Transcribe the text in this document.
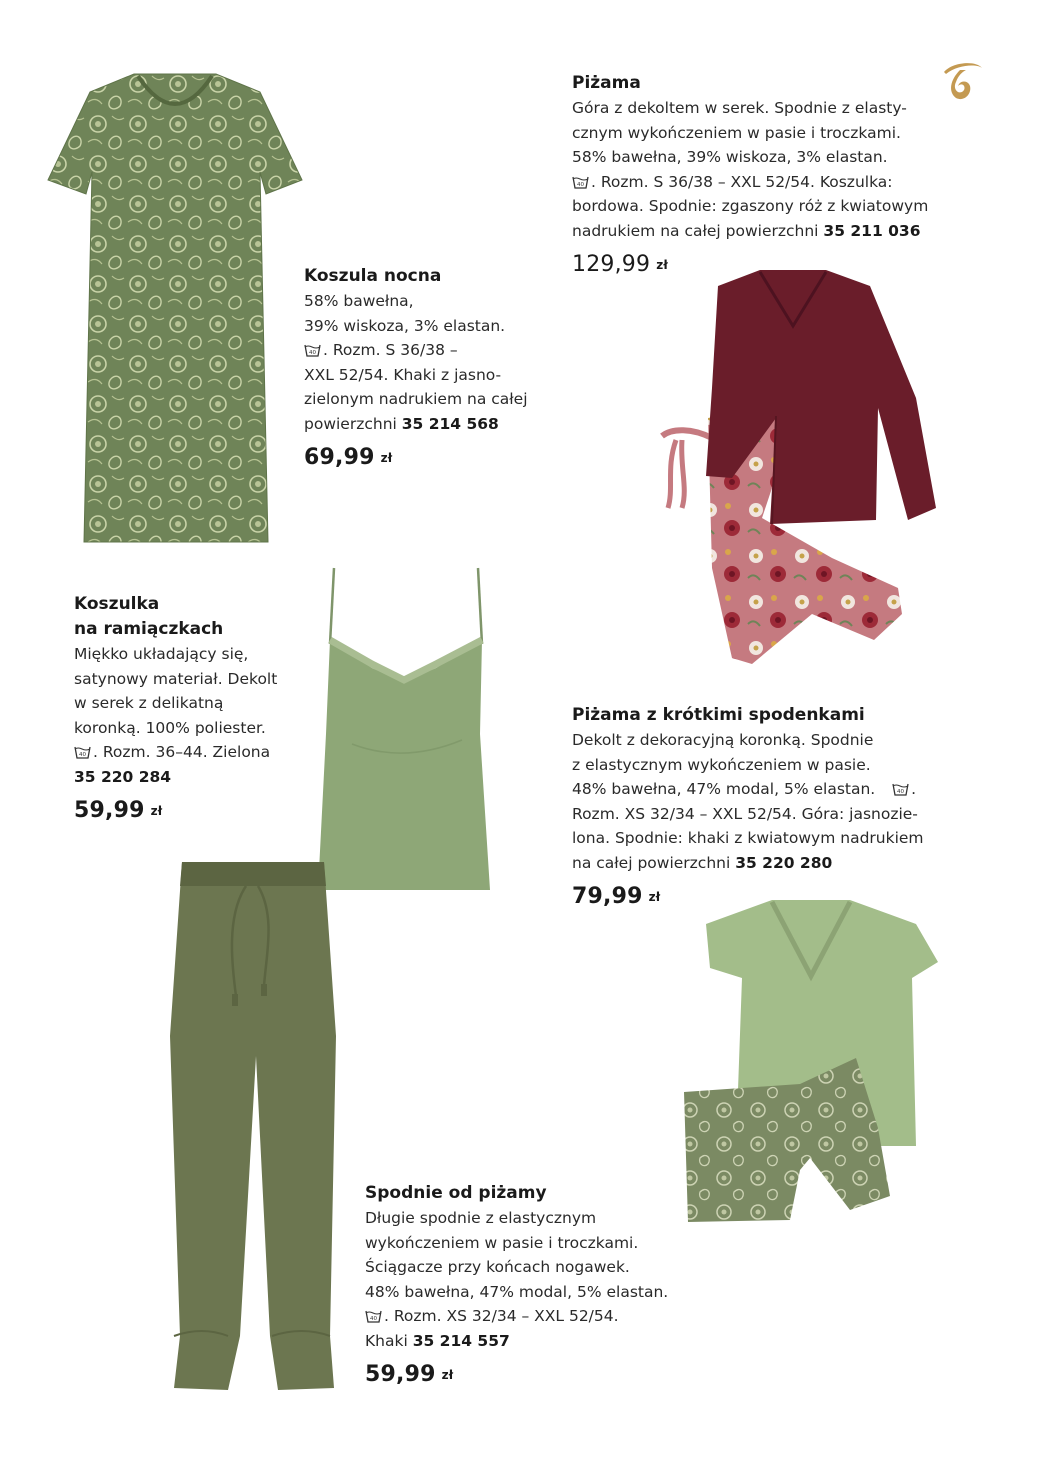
Koszula nocna
58% bawełna,
39% wiskoza, 3% elastan.
40 . Rozm. S 36/38 –
XXL 52/54. Khaki z jasno-
zielonym nadrukiem na całej
powierzchni 35 214 568
69,99 zł
Piżama
Góra z dekoltem w serek. Spodnie z elasty-
cznym wykończeniem w pasie i troczkami.
58% bawełna, 39% wiskoza, 3% elastan.
40 . Rozm. S 36/38 – XXL 52/54. Koszulka:
bordowa. Spodnie: zgaszony róż z kwiatowym
nadrukiem na całej powierzchni 35 211 036
129,99 zł
Koszulka
na ramiączkach
Miękko układający się,
satynowy materiał. Dekolt
w serek z delikatną
koronką. 100% poliester.
40 . Rozm. 36–44. Zielona
35 220 284
59,99 zł
Piżama z krótkimi spodenkami
Dekolt z dekoracyjną koronką. Spodnie
z elastycznym wykończeniem w pasie.
48% bawełna, 47% modal, 5% elastan.	40 .
Rozm. XS 32/34 – XXL 52/54. Góra: jasnozie-
lona. Spodnie: khaki z kwiatowym nadrukiem
na całej powierzchni 35 220 280
79,99 zł
Spodnie od piżamy
Długie spodnie z elastycznym
wykończeniem w pasie i troczkami.
Ściągacze przy końcach nogawek.
48% bawełna, 47% modal, 5% elastan.
40 . Rozm. XS 32/34 – XXL 52/54.
Khaki 35 214 557
59,99 zł
